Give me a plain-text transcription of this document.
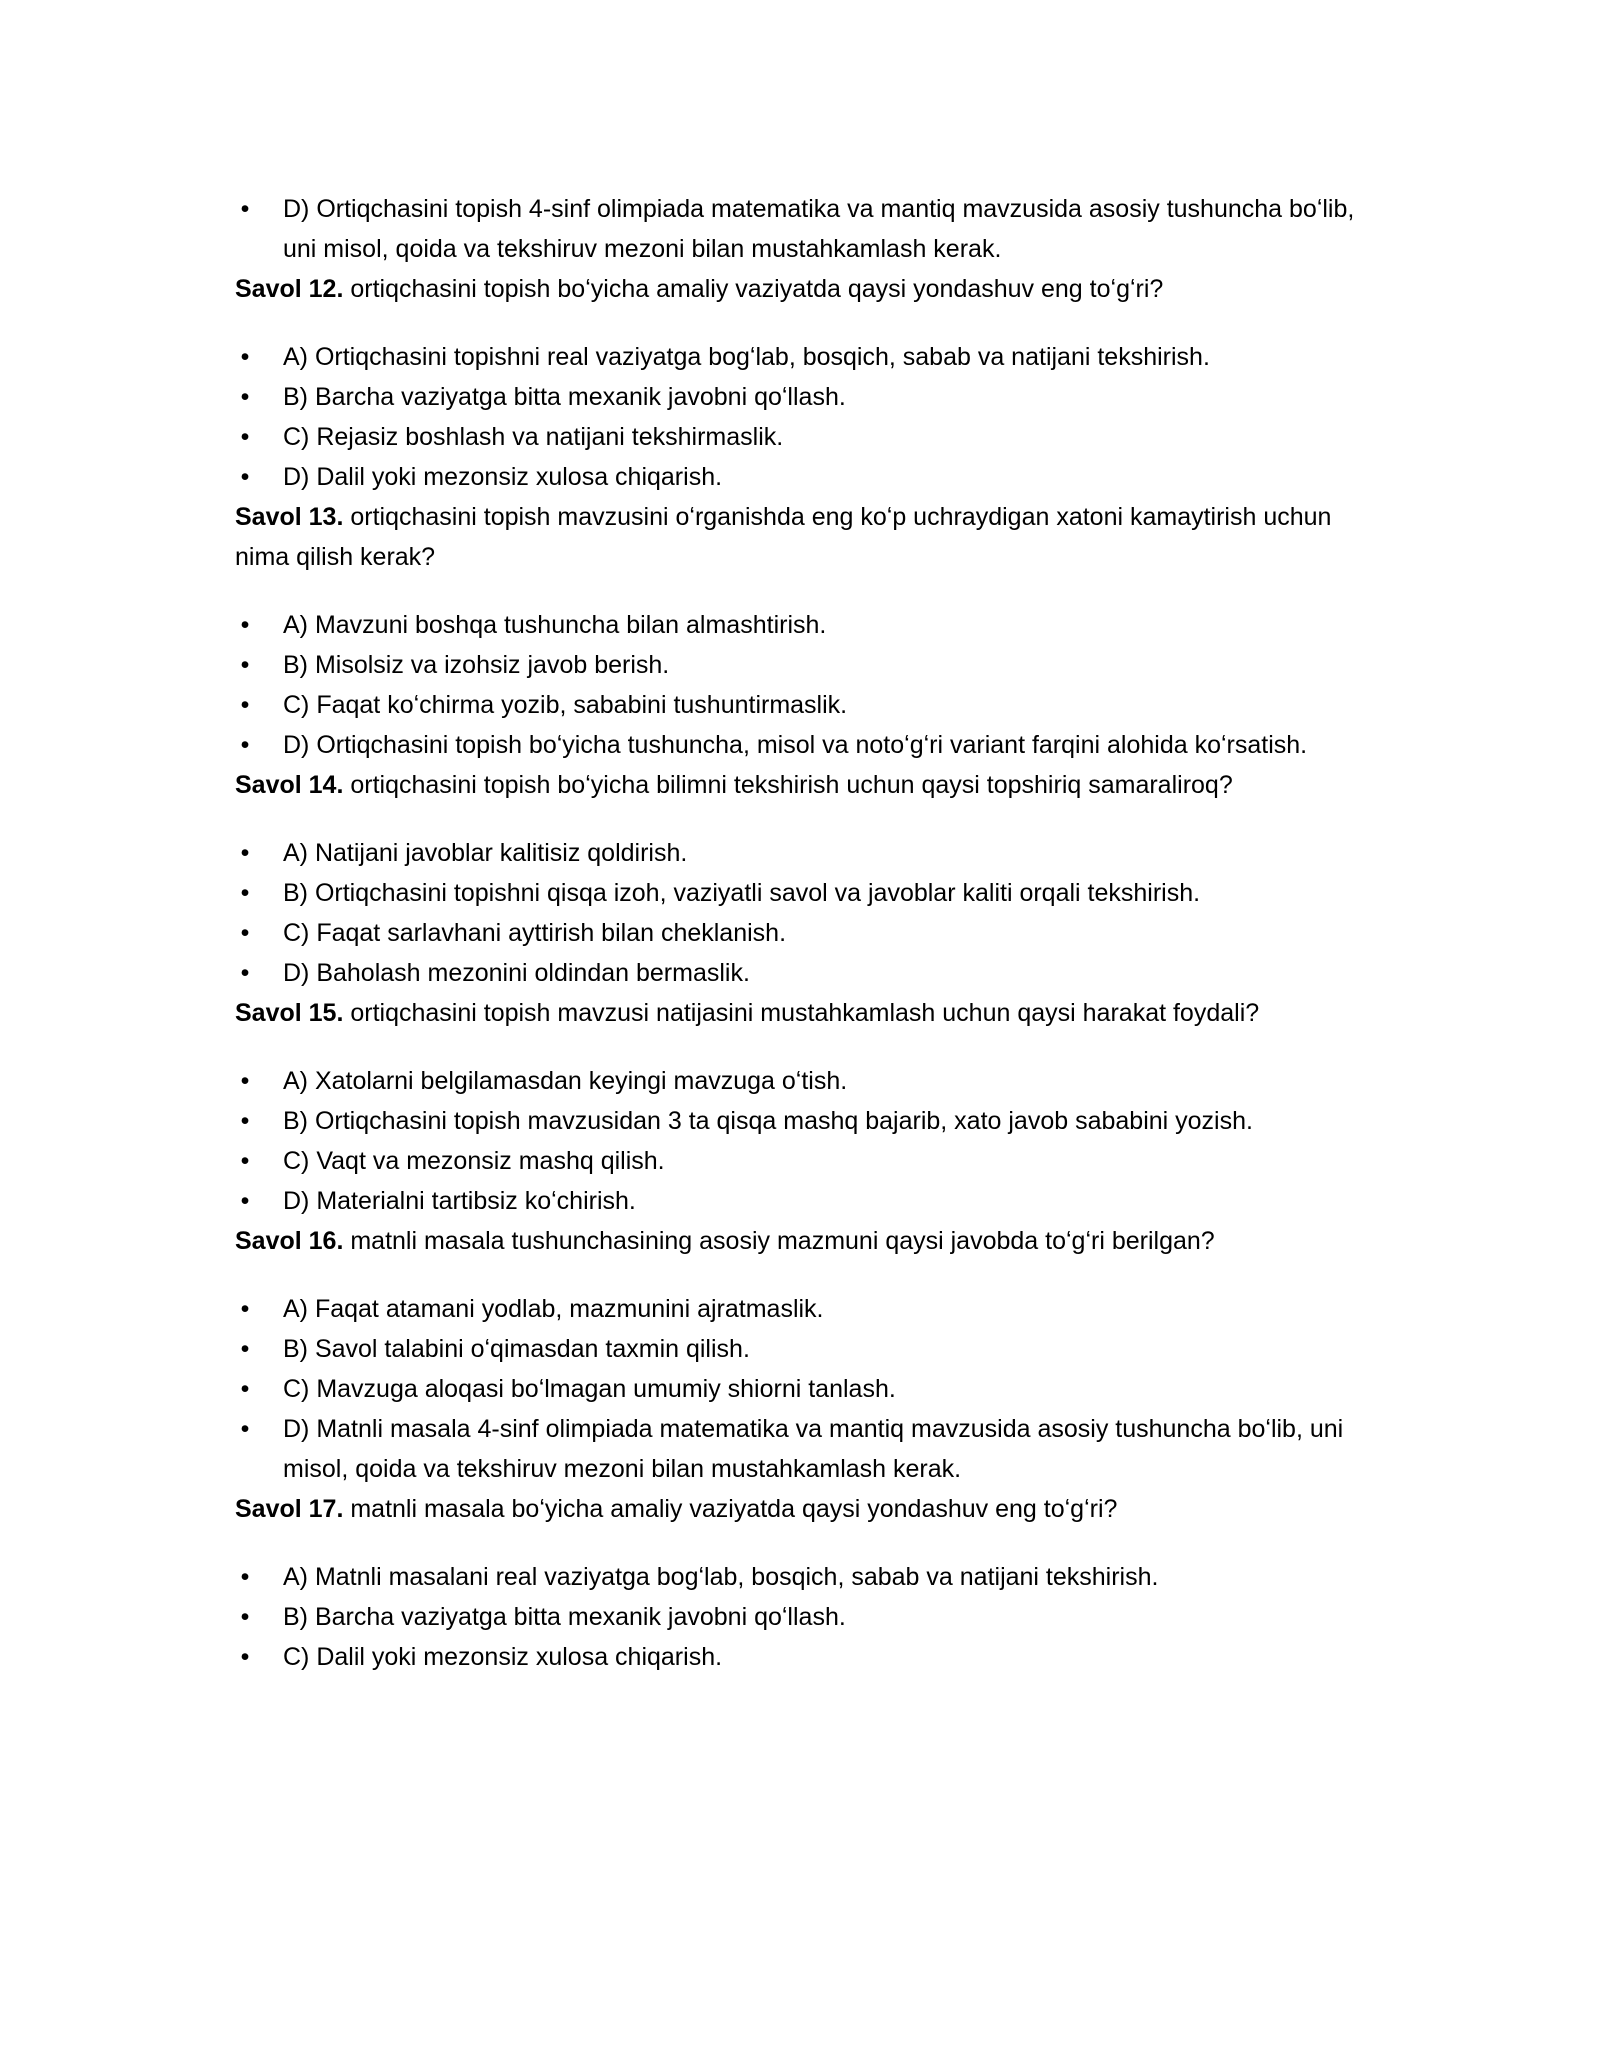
• D) Ortiqchasini topish 4-sinf olimpiada matematika va mantiq mavzusida asosiy tushuncha boʻlib, uni misol, qoida va tekshiruv mezoni bilan mustahkamlash kerak.

Savol 12. ortiqchasini topish boʻyicha amaliy vaziyatda qaysi yondashuv eng toʻgʻri?

• A) Ortiqchasini topishni real vaziyatga bogʻlab, bosqich, sabab va natijani tekshirish.
• B) Barcha vaziyatga bitta mexanik javobni qoʻllash.
• C) Rejasiz boshlash va natijani tekshirmaslik.
• D) Dalil yoki mezonsiz xulosa chiqarish.

Savol 13. ortiqchasini topish mavzusini oʻrganishda eng koʻp uchraydigan xatoni kamaytirish uchun nima qilish kerak?

• A) Mavzuni boshqa tushuncha bilan almashtirish.
• B) Misolsiz va izohsiz javob berish.
• C) Faqat koʻchirma yozib, sababini tushuntirmaslik.
• D) Ortiqchasini topish boʻyicha tushuncha, misol va notoʻgʻri variant farqini alohida koʻrsatish.

Savol 14. ortiqchasini topish boʻyicha bilimni tekshirish uchun qaysi topshiriq samaraliroq?

• A) Natijani javoblar kalitisiz qoldirish.
• B) Ortiqchasini topishni qisqa izoh, vaziyatli savol va javoblar kaliti orqali tekshirish.
• C) Faqat sarlavhani ayttirish bilan cheklanish.
• D) Baholash mezonini oldindan bermaslik.

Savol 15. ortiqchasini topish mavzusi natijasini mustahkamlash uchun qaysi harakat foydali?

• A) Xatolarni belgilamasdan keyingi mavzuga oʻtish.
• B) Ortiqchasini topish mavzusidan 3 ta qisqa mashq bajarib, xato javob sababini yozish.
• C) Vaqt va mezonsiz mashq qilish.
• D) Materialni tartibsiz koʻchirish.

Savol 16. matnli masala tushunchasining asosiy mazmuni qaysi javobda toʻgʻri berilgan?

• A) Faqat atamani yodlab, mazmunini ajratmaslik.
• B) Savol talabini oʻqimasdan taxmin qilish.
• C) Mavzuga aloqasi boʻlmagan umumiy shiorni tanlash.
• D) Matnli masala 4-sinf olimpiada matematika va mantiq mavzusida asosiy tushuncha boʻlib, uni misol, qoida va tekshiruv mezoni bilan mustahkamlash kerak.

Savol 17. matnli masala boʻyicha amaliy vaziyatda qaysi yondashuv eng toʻgʻri?

• A) Matnli masalani real vaziyatga bogʻlab, bosqich, sabab va natijani tekshirish.
• B) Barcha vaziyatga bitta mexanik javobni qoʻllash.
• C) Dalil yoki mezonsiz xulosa chiqarish.
